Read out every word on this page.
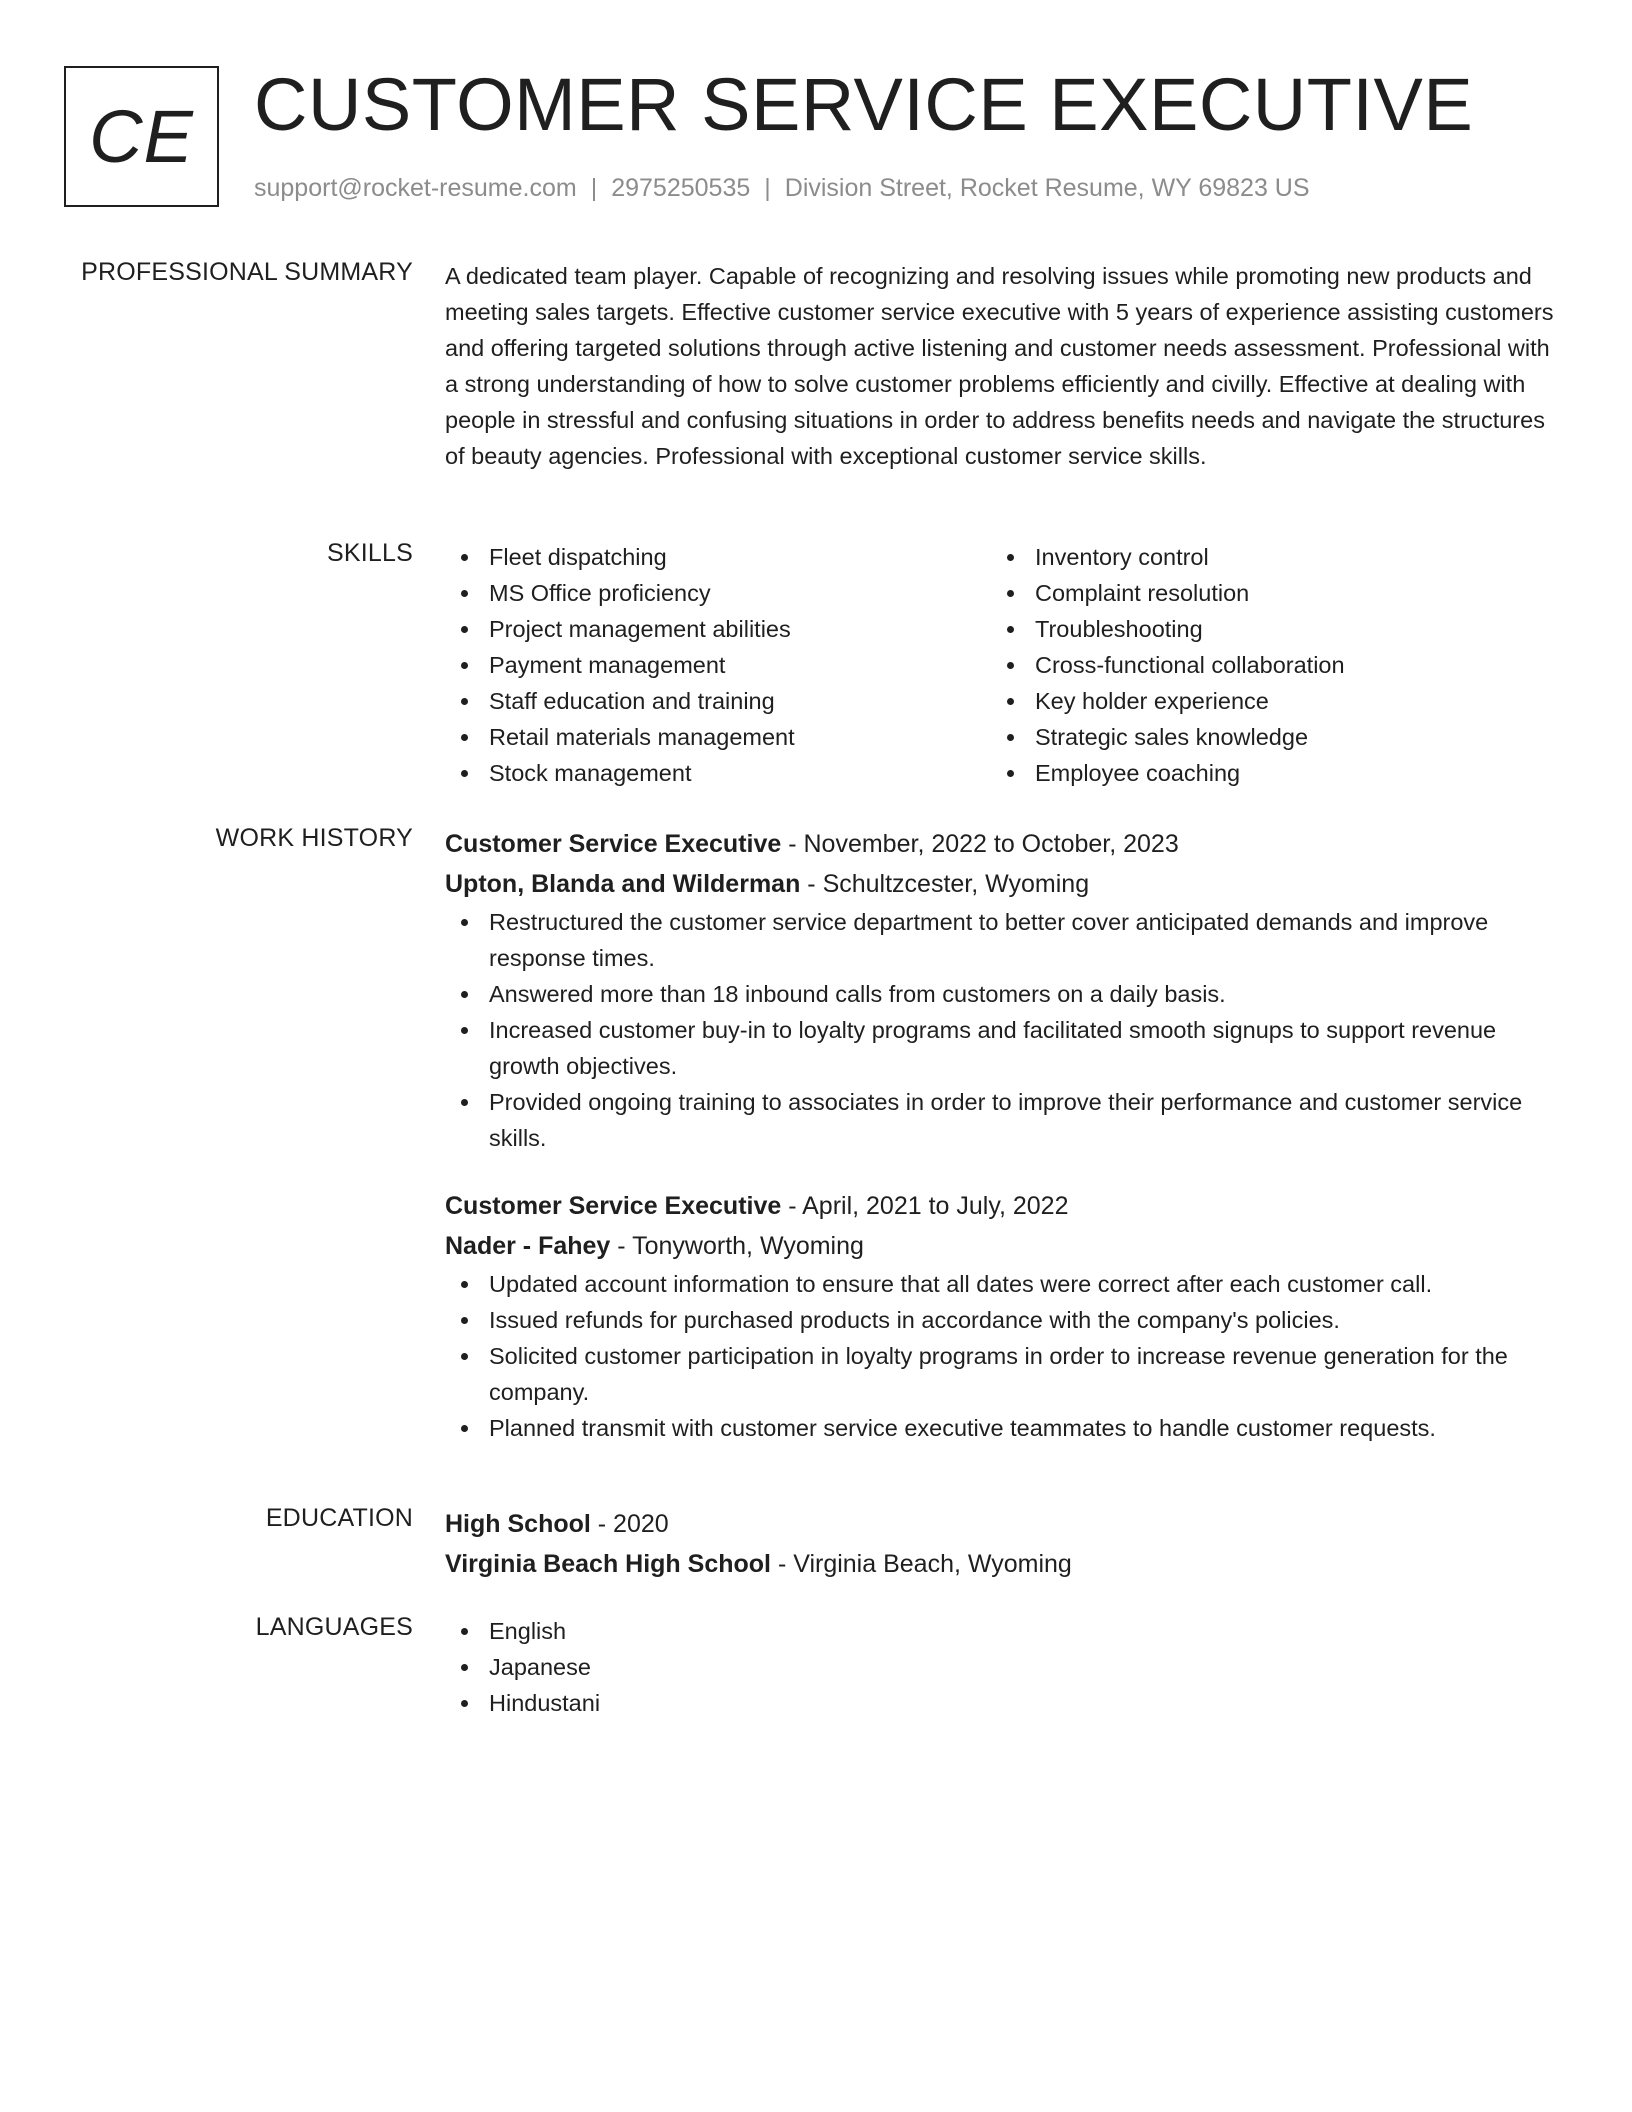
CE CUSTOMER SERVICE EXECUTIVE
support@rocket-resume.com | 2975250535 | Division Street, Rocket Resume, WY 69823 US
PROFESSIONAL SUMMARY A dedicated team player. Capable of recognizing and resolving issues while promoting new products and meeting sales targets. Effective customer service executive with 5 years of experience assisting customers and offering targeted solutions through active listening and customer needs assessment. Professional with a strong understanding of how to solve customer problems efficiently and civilly. Effective at dealing with people in stressful and confusing situations in order to address benefits needs and navigate the structures of beauty agencies. Professional with exceptional customer service skills.

SKILLS	Fleet dispatching
MS Office proficiency
Project management abilities
Payment management
Staff education and training
Retail materials management
Stock management
Inventory control
Complaint resolution
Troubleshooting
Cross-functional collaboration
Key holder experience
Strategic sales knowledge
Employee coaching
WORK HISTORY Customer Service Executive - November, 2022 to October, 2023
Upton, Blanda and Wilderman - Schultzcester, Wyoming
Restructured the customer service department to better cover anticipated demands and improve response times.
Answered more than 18 inbound calls from customers on a daily basis.
Increased customer buy-in to loyalty programs and facilitated smooth signups to support revenue growth objectives.
Provided ongoing training to associates in order to improve their performance and customer service skills.
Customer Service Executive - April, 2021 to July, 2022
Nader - Fahey - Tonyworth, Wyoming
Updated account information to ensure that all dates were correct after each customer call.
Issued refunds for purchased products in accordance with the company's policies.
Solicited customer participation in loyalty programs in order to increase revenue generation for the company.
Planned transmit with customer service executive teammates to handle customer requests.
EDUCATION High School - 2020
Virginia Beach High School - Virginia Beach, Wyoming
LANGUAGES	English
Japanese
Hindustani
